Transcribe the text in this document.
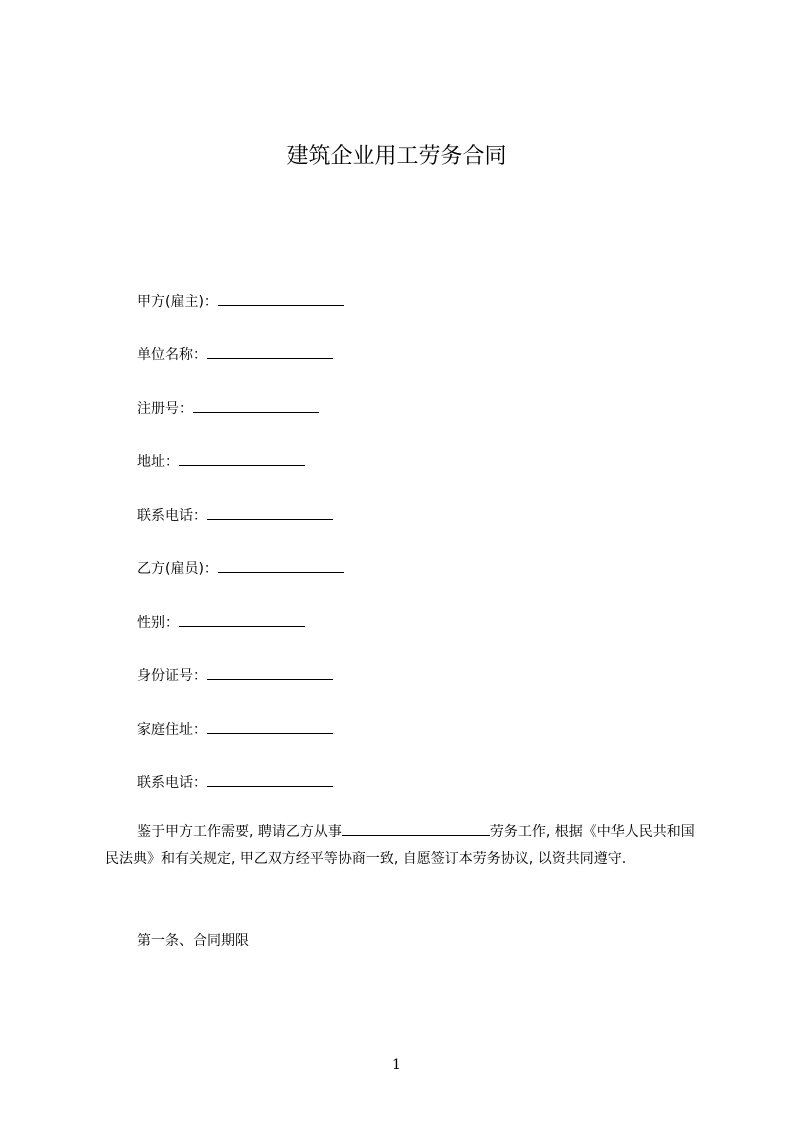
建筑企业用工劳务合同
甲方(雇主)：
单位名称：
注册号：
地址：
联系电话：
乙方(雇员)：
性别：
身份证号：
家庭住址：
联系电话：

鉴于甲方工作需要, 聘请乙方从事	劳务工作, 根据《中华人民共和国民法典》和有关规定, 甲乙双方经平等协商一致, 自愿签订本劳务协议, 以资共同遵守.

第一条、合同期限

1
